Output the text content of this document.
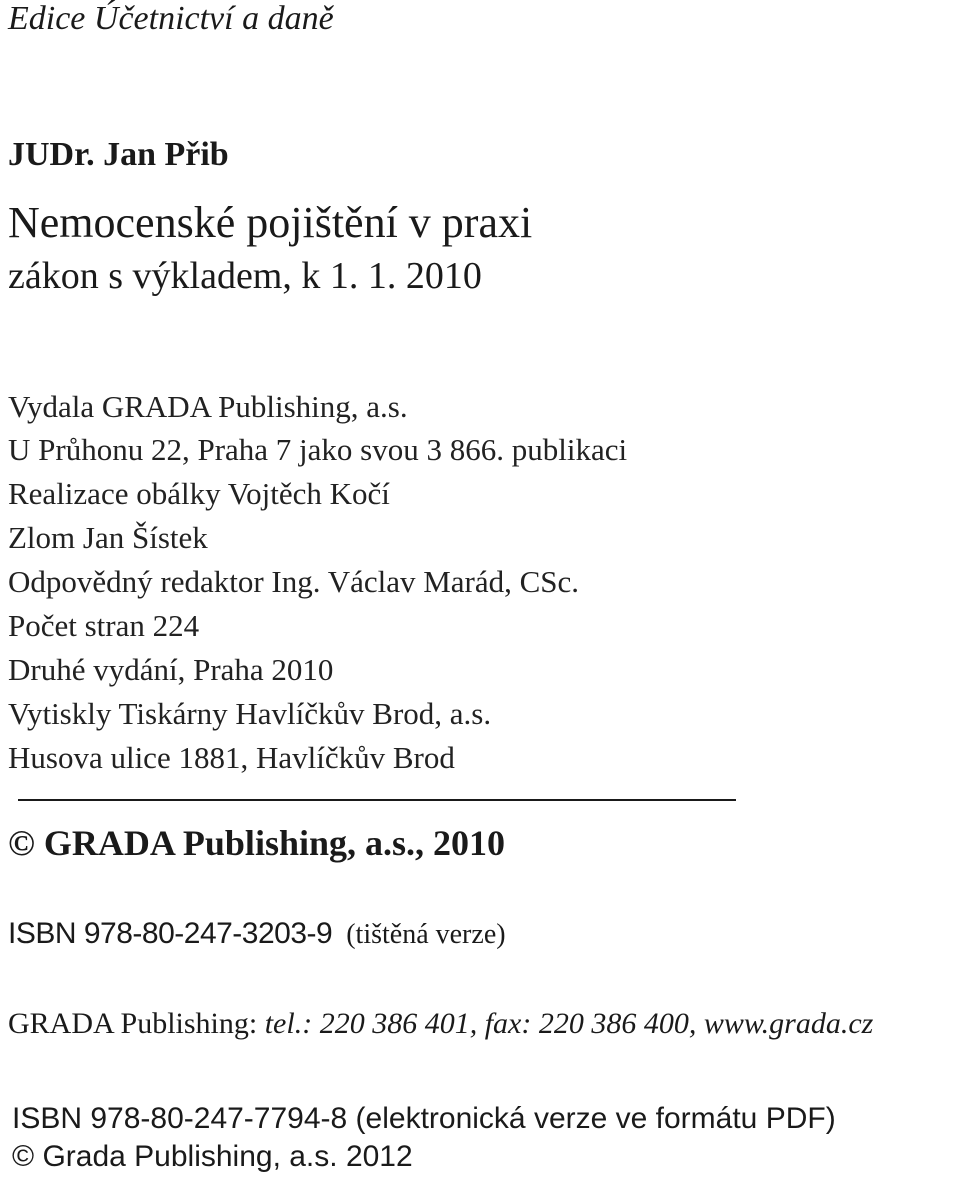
Edice Účetnictví a daně
JUDr. Jan Přib
Nemocenské pojištění v praxi
zákon s výkladem, k 1. 1. 2010
Vydala GRADA Publishing, a.s.
U Průhonu 22, Praha 7 jako svou 3 866. publikaci
Realizace obálky Vojtěch Kočí
Zlom Jan Šístek
Odpovědný redaktor Ing. Václav Marád, CSc.
Počet stran 224
Druhé vydání, Praha 2010
Vytiskly Tiskárny Havlíčkův Brod, a.s.
Husova ulice 1881, Havlíčkův Brod
© GRADA Publishing, a.s., 2010
ISBN 978-80-247-3203-9 (tištěná verze)
GRADA Publishing: tel.: 220 386 401, fax: 220 386 400, www.grada.cz
ISBN 978-80-247-7794-8 (elektronická verze ve formátu PDF)
© Grada Publishing, a.s. 2012
